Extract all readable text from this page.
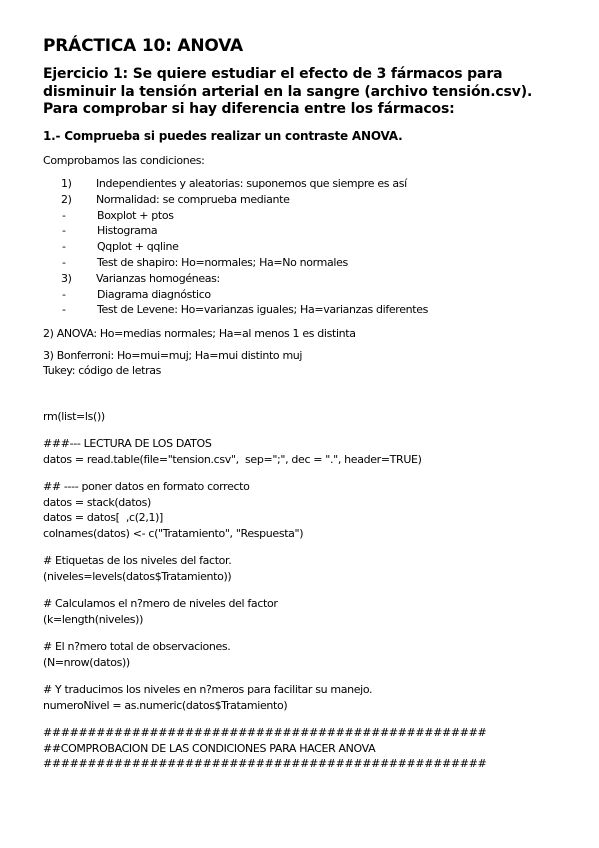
PRÁCTICA 10: ANOVA
Ejercicio 1: Se quiere estudiar el efecto de 3 fármacos para disminuir la tensión arterial en la sangre (archivo tensión.csv). Para comprobar si hay diferencia entre los fármacos:
1.- Comprueba si puedes realizar un contraste ANOVA.
Comprobamos las condiciones:
1)	Independientes y aleatorias: suponemos que siempre es así
2)	Normalidad: se comprueba mediante
-	Boxplot + ptos
-	Histograma
-	Qqplot + qqline
-	Test de shapiro: Ho=normales; Ha=No normales
3)	Varianzas homogéneas:
-	Diagrama diagnóstico
-	Test de Levene: Ho=varianzas iguales; Ha=varianzas diferentes
2) ANOVA: Ho=medias normales; Ha=al menos 1 es distinta
3) Bonferroni: Ho=mui=muj; Ha=mui distinto muj
Tukey: código de letras
rm(list=ls())
###--- LECTURA DE LOS DATOS
datos = read.table(file="tension.csv",  sep=";", dec = ".", header=TRUE)
## ---- poner datos en formato correcto
datos = stack(datos)
datos = datos[  ,c(2,1)]
colnames(datos) <- c("Tratamiento", "Respuesta")
# Etiquetas de los niveles del factor.
(niveles=levels(datos$Tratamiento))
# Calculamos el n?mero de niveles del factor
(k=length(niveles))
# El n?mero total de observaciones.
(N=nrow(datos))
# Y traducimos los niveles en n?meros para facilitar su manejo.
numeroNivel = as.numeric(datos$Tratamiento)
##################################################
##COMPROBACION DE LAS CONDICIONES PARA HACER ANOVA
##################################################
